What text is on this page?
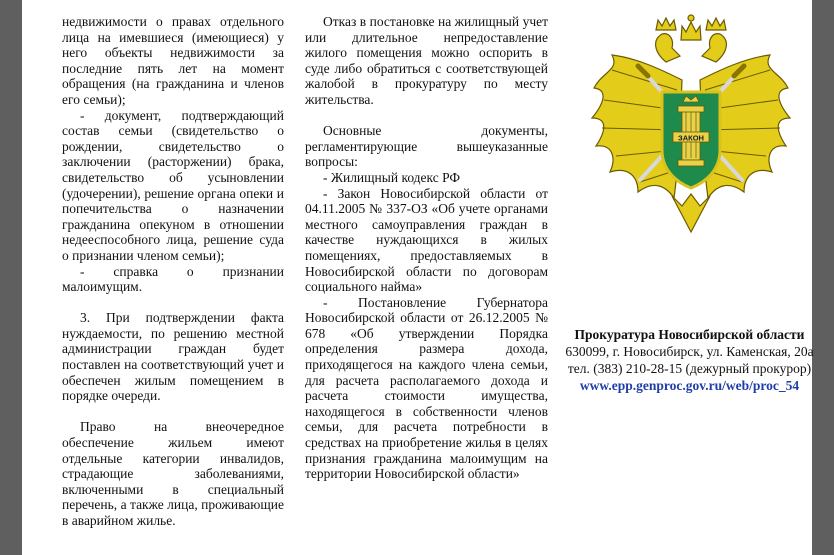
недвижимости о правах отдельного лица на имевшиеся (имеющиеся) у него объекты недвижимости за последние пять лет на момент обращения (на гражданина и членов его семьи);

- документ, подтверждающий состав семьи (свидетельство о рождении, свидетельство о заключении (расторжении) брака, свидетельство об усыновлении (удочерении), решение органа опеки и попечительства о назначении гражданина опекуном в отношении недееспособного лица, решение суда о признании членом семьи);

- справка о признании малоимущим.

3. При подтверждении факта нуждаемости, по решению местной администрации граждан будет поставлен на соответствующий учет и обеспечен жилым помещением в порядке очереди.

Право на внеочередное обеспечение жильем имеют отдельные категории инвалидов, страдающие заболеваниями, включенными в специальный перечень, а также лица, проживающие в аварийном жилье.

Отказ в постановке на жилищный учет или длительное непредоставление жилого помещения можно оспорить в суде либо обратиться с соответствующей жалобой в прокуратуру по месту жительства.

Основные документы, регламентирующие вышеуказанные вопросы:

- Жилищный кодекс РФ

- Закон Новосибирской области от 04.11.2005 № 337-ОЗ «Об учете органами местного самоуправления граждан в качестве нуждающихся в жилых помещениях, предоставляемых в Новосибирской области по договорам социального найма»

- Постановление Губернатора Новосибирской области от 26.12.2005 № 678 «Об утверждении Порядка определения размера дохода, приходящегося на каждого члена семьи, для расчета располагаемого дохода и расчета стоимости имущества, находящегося в собственности членов семьи, для расчета потребности в средствах на приобретение жилья в целях признания гражданина малоимущим на территории Новосибирской области»

ЗАКОН
Прокуратура Новосибирской области
630099, г. Новосибирск, ул. Каменская, 20а
тел. (383) 210-28-15 (дежурный прокурор)
www.epp.genproc.gov.ru/web/proc_54
